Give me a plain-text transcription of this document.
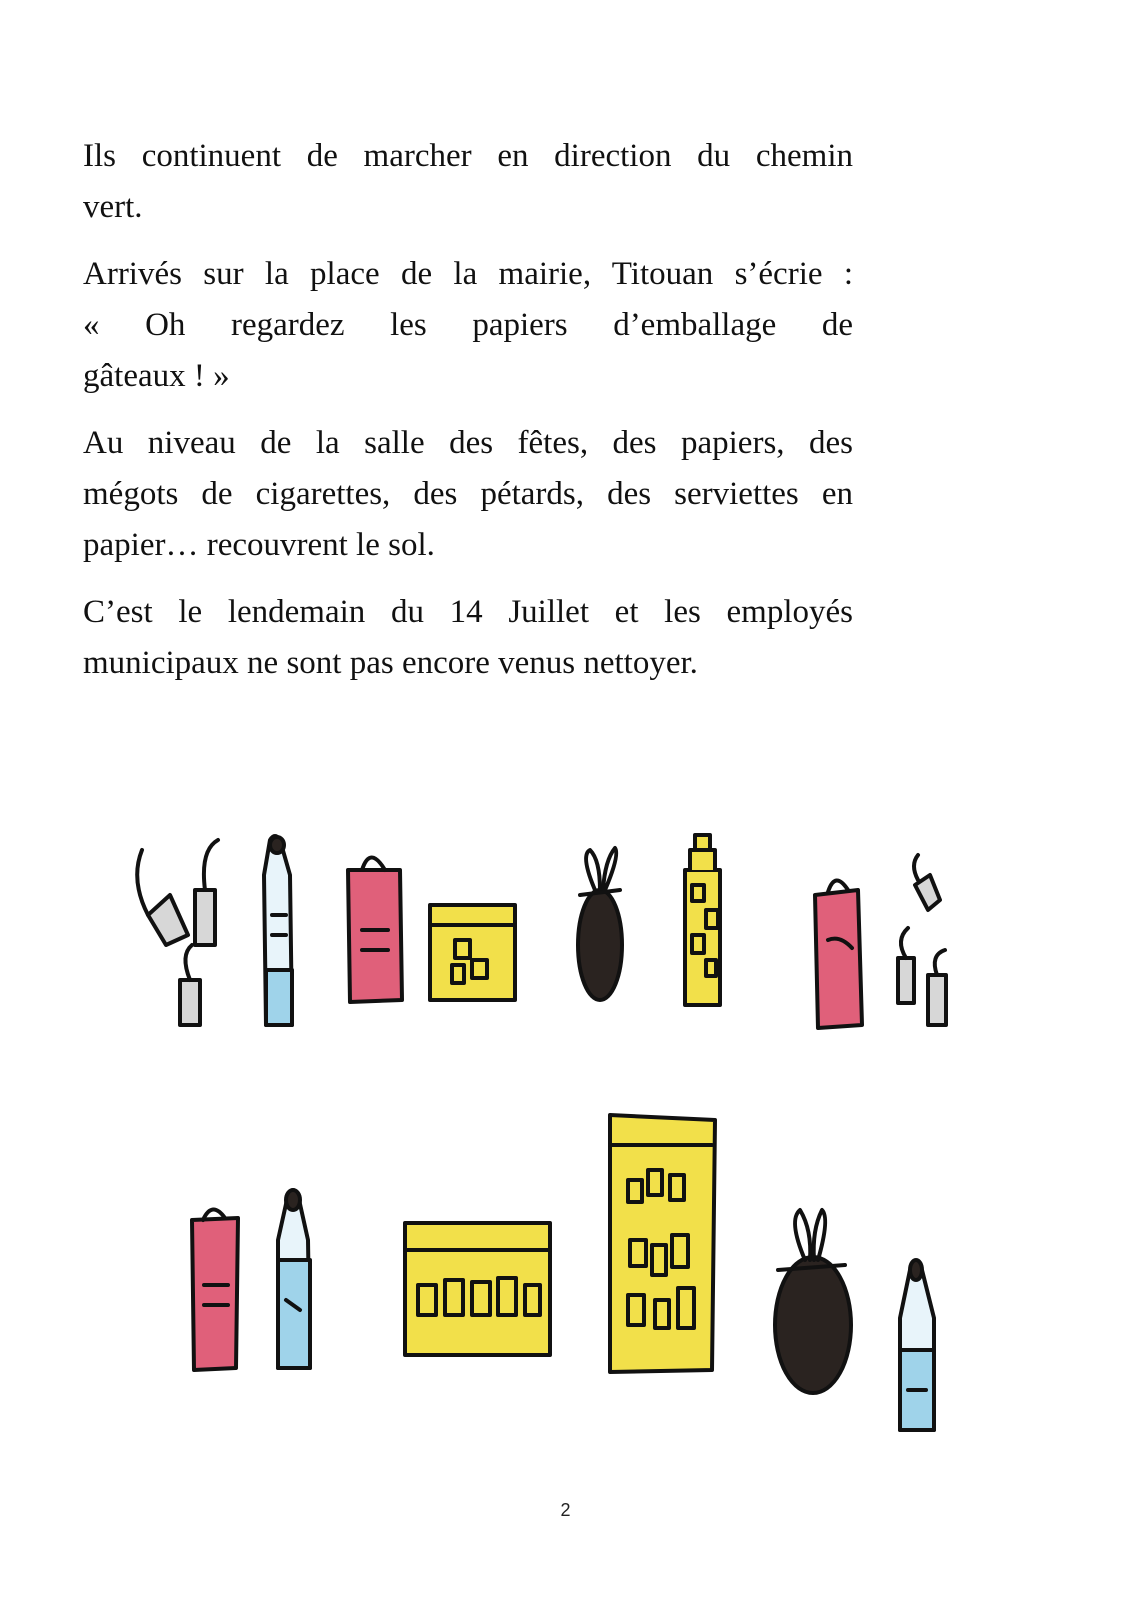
Ils continuent de marcher en direction du chemin
vert.

Arrivés sur la place de la mairie, Titouan s’écrie :
« Oh regardez les papiers d’emballage de
gâteaux ! »

Au niveau de la salle des fêtes, des papiers, des
mégots de cigarettes, des pétards, des serviettes en
papier… recouvrent le sol.

C’est le lendemain du 14 Juillet et les employés
municipaux ne sont pas encore venus nettoyer.

2
